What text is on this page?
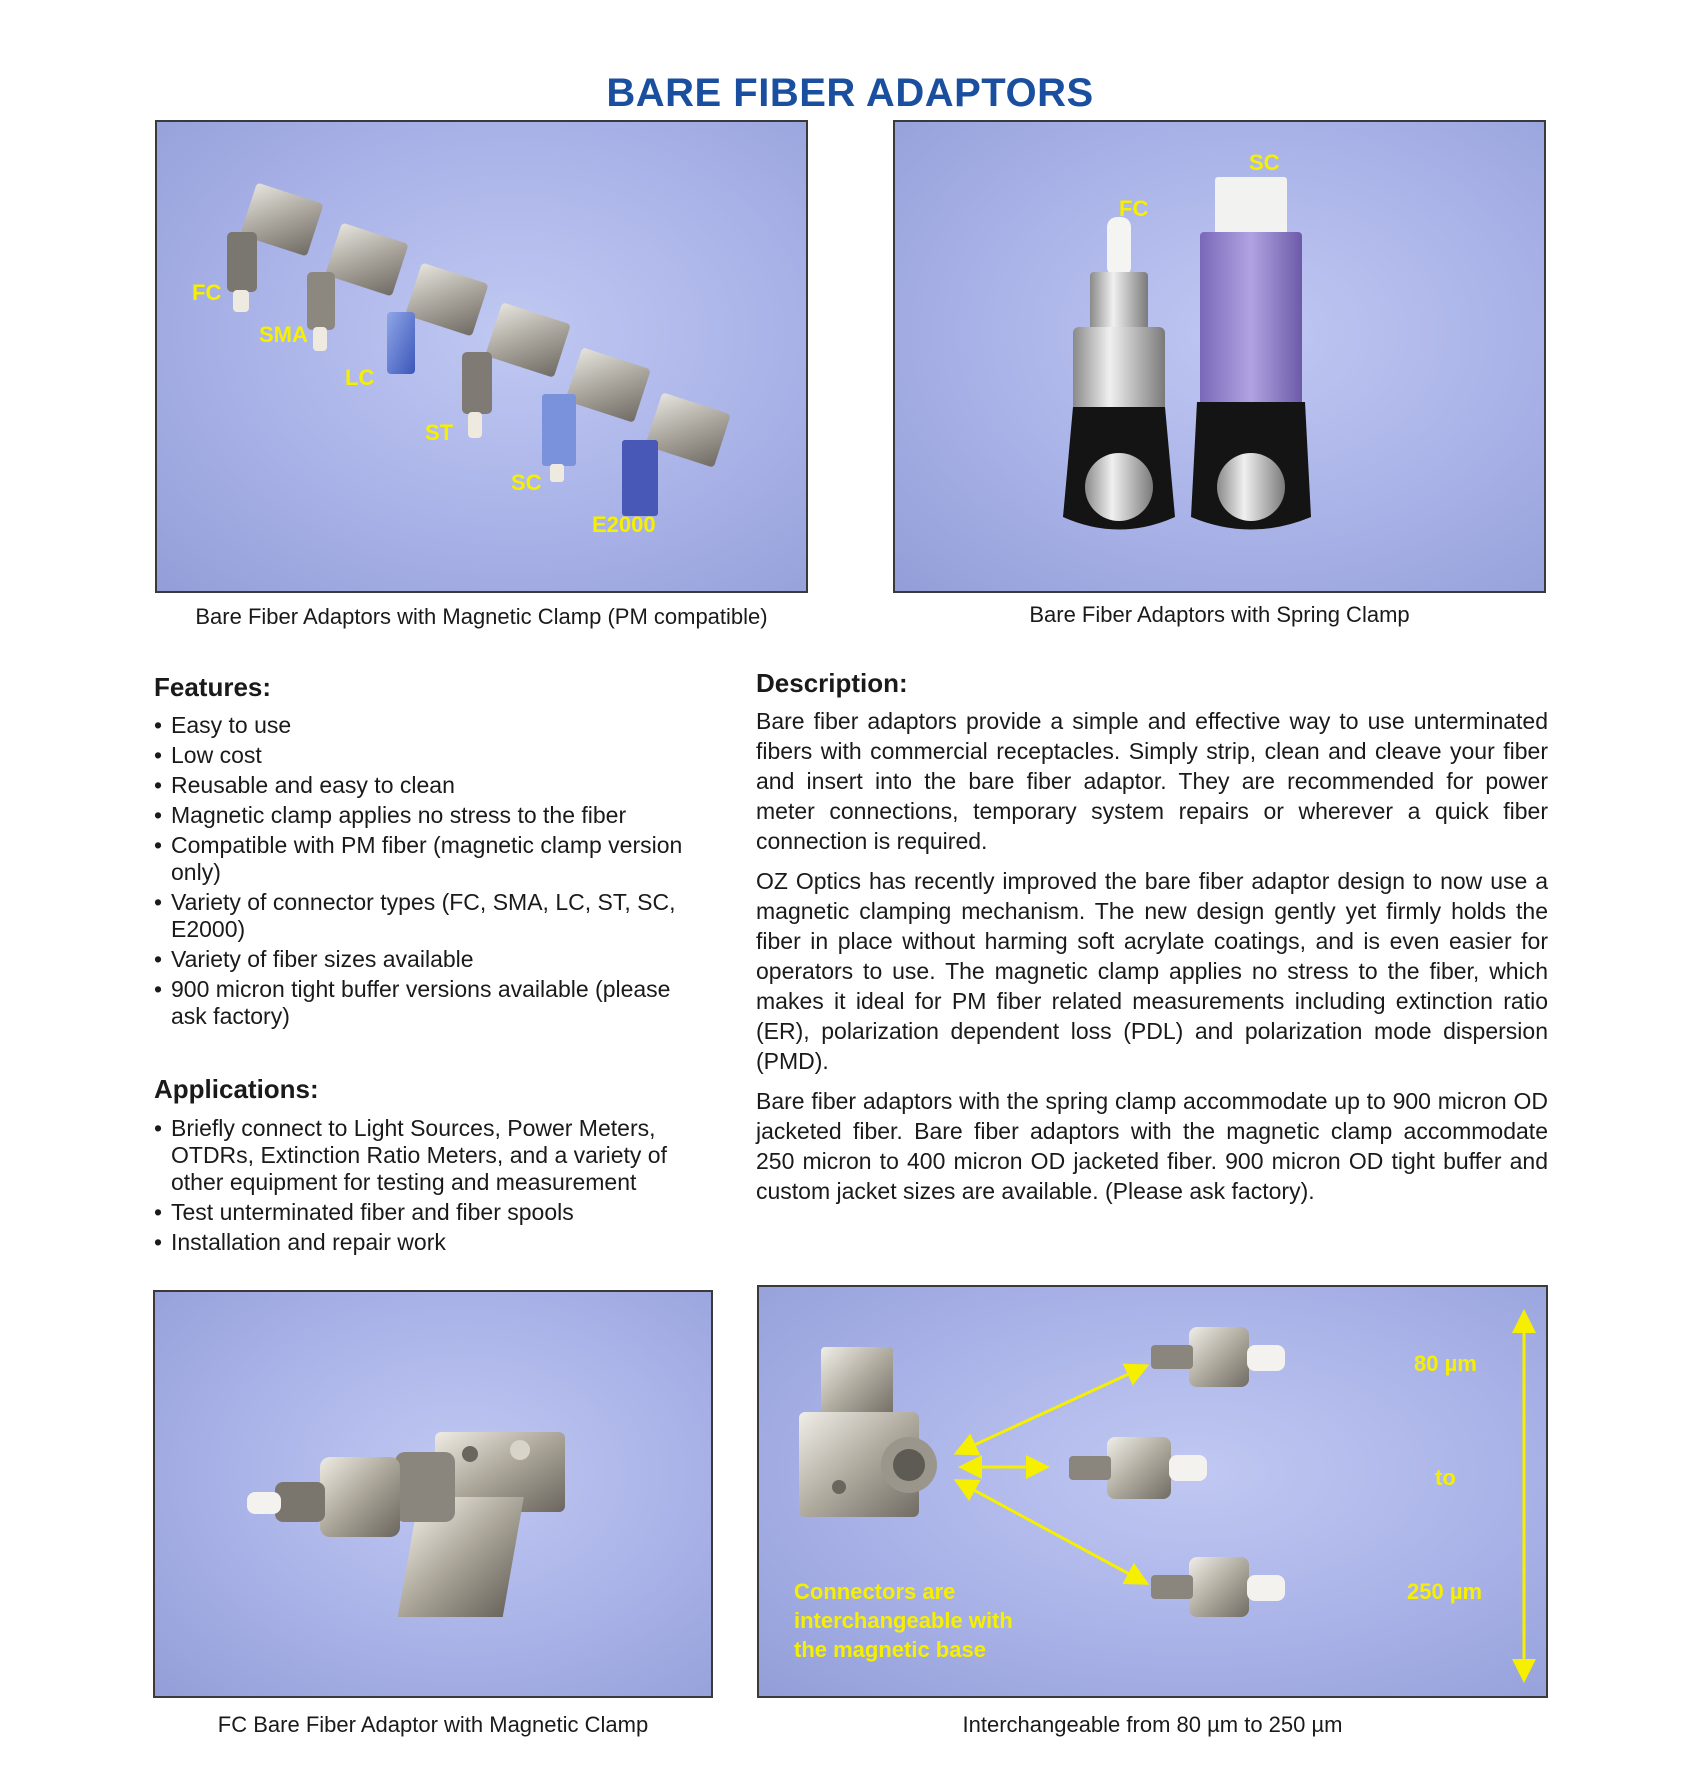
BARE FIBER ADAPTORS
FC
SMA
LC
ST
SC
E2000
Bare Fiber Adaptors with Magnetic Clamp (PM compatible)
FC
SC
Bare Fiber Adaptors with Spring Clamp
Features:
• Easy to use
• Low cost
• Reusable and easy to clean
• Magnetic clamp applies no stress to the fiber
• Compatible with PM fiber (magnetic clamp version only)
• Variety of connector types (FC, SMA, LC, ST, SC, E2000)
• Variety of fiber sizes available
• 900 micron tight buffer versions available (please ask factory)
Applications:
• Briefly connect to Light Sources, Power Meters, OTDRs, Extinction Ratio Meters, and a variety of other equipment for testing and measurement
• Test unterminated fiber and fiber spools
• Installation and repair work
Description:

Bare fiber adaptors provide a simple and effective way to use unterminated fibers with commercial receptacles. Simply strip, clean and cleave your fiber and insert into the bare fiber adaptor. They are recommended for power meter connections, temporary system repairs or wherever a quick fiber connection is required.

OZ Optics has recently improved the bare fiber adaptor design to now use a magnetic clamping mechanism. The new design gently yet firmly holds the fiber in place without harming soft acrylate coatings, and is even easier for operators to use. The magnetic clamp applies no stress to the fiber, which makes it ideal for PM fiber related measurements including extinction ratio (ER), polarization dependent loss (PDL) and polarization mode dispersion (PMD).

Bare fiber adaptors with the spring clamp accommodate up to 900 micron OD jacketed fiber. Bare fiber adaptors with the magnetic clamp accommodate 250 micron to 400 micron OD jacketed fiber. 900 micron OD tight buffer and custom jacket sizes are available. (Please ask factory).

FC Bare Fiber Adaptor with Magnetic Clamp
80 µm
to
250 µm
Connectors are
interchangeable with
the magnetic base
Interchangeable from 80 µm to 250 µm
